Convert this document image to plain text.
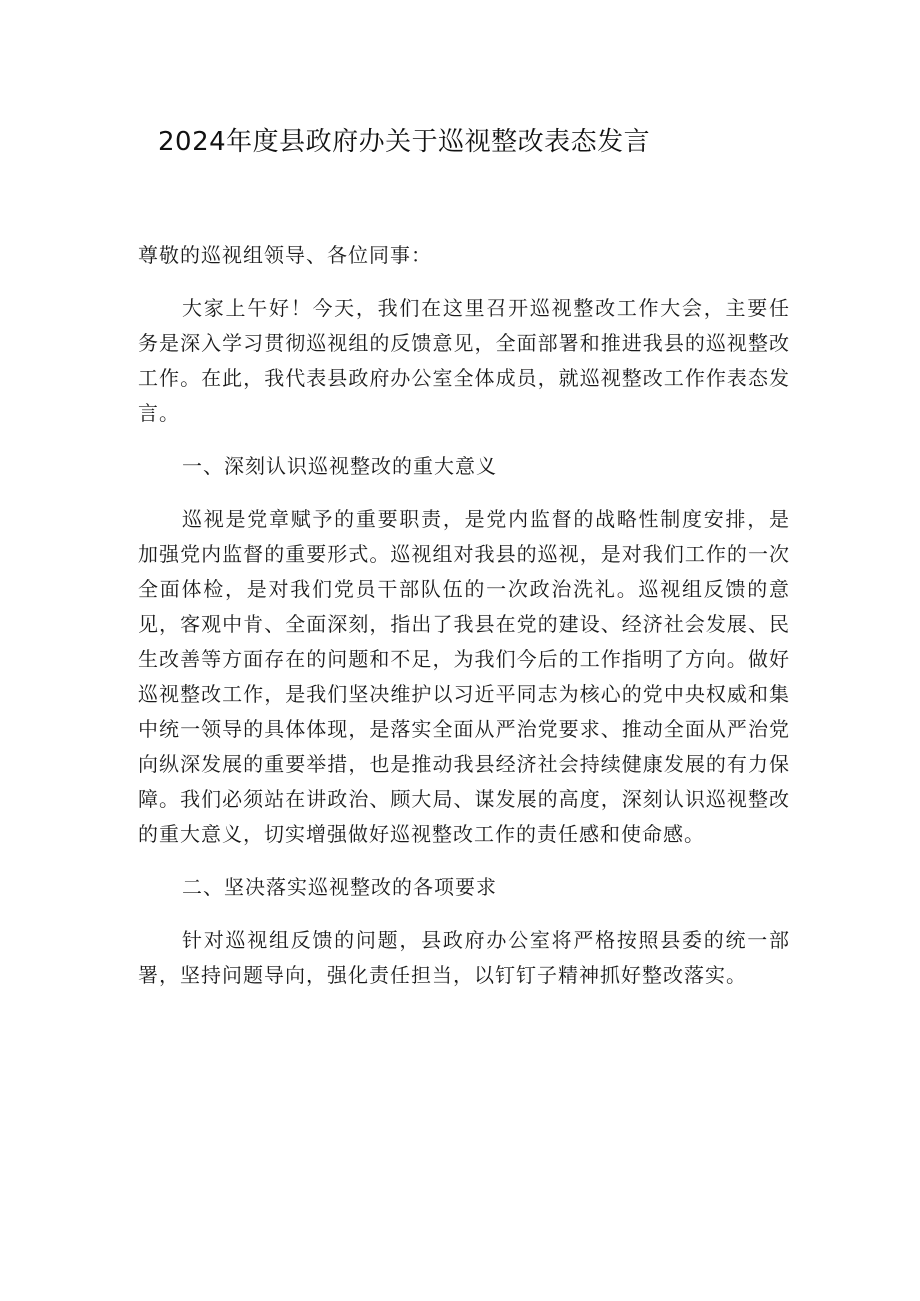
2024年度县政府办关于巡视整改表态发言

尊敬的巡视组领导、各位同事：

大家上午好！今天，我们在这里召开巡视整改工作大会，主要任务是深入学习贯彻巡视组的反馈意见，全面部署和推进我县的巡视整改工作。在此，我代表县政府办公室全体成员，就巡视整改工作作表态发言。

一、深刻认识巡视整改的重大意义

巡视是党章赋予的重要职责，是党内监督的战略性制度安排，是加强党内监督的重要形式。巡视组对我县的巡视，是对我们工作的一次全面体检，是对我们党员干部队伍的一次政治洗礼。巡视组反馈的意见，客观中肯、全面深刻，指出了我县在党的建设、经济社会发展、民生改善等方面存在的问题和不足，为我们今后的工作指明了方向。做好巡视整改工作，是我们坚决维护以习近平同志为核心的党中央权威和集中统一领导的具体体现，是落实全面从严治党要求、推动全面从严治党向纵深发展的重要举措，也是推动我县经济社会持续健康发展的有力保障。我们必须站在讲政治、顾大局、谋发展的高度，深刻认识巡视整改的重大意义，切实增强做好巡视整改工作的责任感和使命感。

二、坚决落实巡视整改的各项要求

针对巡视组反馈的问题，县政府办公室将严格按照县委的统一部署，坚持问题导向，强化责任担当，以钉钉子精神抓好整改落实。
